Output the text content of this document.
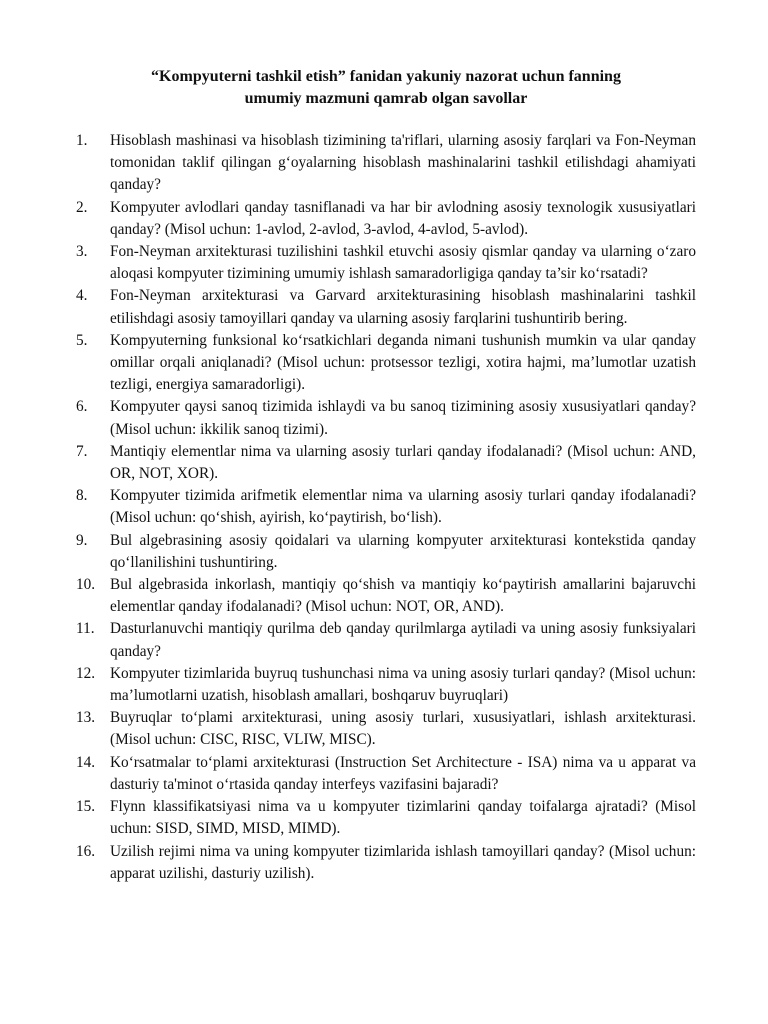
“Kompyuterni tashkil etish” fanidan yakuniy nazorat uchun fanning
umumiy mazmuni qamrab olgan savollar
1.	Hisoblash mashinasi va hisoblash tizimining ta'riflari, ularning asosiy farqlari va Fon-Neyman tomonidan taklif qilingan g‘oyalarning hisoblash mashinalarini tashkil etilishdagi ahamiyati qanday?
2.	Kompyuter avlodlari qanday tasniflanadi va har bir avlodning asosiy texnologik xususiyatlari qanday? (Misol uchun: 1-avlod, 2-avlod, 3-avlod, 4-avlod, 5-avlod).
3.	Fon-Neyman arxitekturasi tuzilishini tashkil etuvchi asosiy qismlar qanday va ularning o‘zaro aloqasi kompyuter tizimining umumiy ishlash samaradorligiga qanday ta’sir ko‘rsatadi?
4.	Fon-Neyman arxitekturasi va Garvard arxitekturasining hisoblash mashinalarini tashkil etilishdagi asosiy tamoyillari qanday va ularning asosiy farqlarini tushuntirib bering.
5.	Kompyuterning funksional ko‘rsatkichlari deganda nimani tushunish mumkin va ular qanday omillar orqali aniqlanadi? (Misol uchun: protsessor tezligi, xotira hajmi, ma’lumotlar uzatish tezligi, energiya samaradorligi).
6.	Kompyuter qaysi sanoq tizimida ishlaydi va bu sanoq tizimining asosiy xususiyatlari qanday? (Misol uchun: ikkilik sanoq tizimi).
7.	Mantiqiy elementlar nima va ularning asosiy turlari qanday ifodalanadi? (Misol uchun: AND, OR, NOT, XOR).
8.	Kompyuter tizimida arifmetik elementlar nima va ularning asosiy turlari qanday ifodalanadi? (Misol uchun: qo‘shish, ayirish, ko‘paytirish, bo‘lish).
9.	Bul algebrasining asosiy qoidalari va ularning kompyuter arxitekturasi kontekstida qanday qo‘llanilishini tushuntiring.
10. Bul algebrasida inkorlash, mantiqiy qo‘shish va mantiqiy ko‘paytirish amallarini bajaruvchi elementlar qanday ifodalanadi? (Misol uchun: NOT, OR, AND).
11.	Dasturlanuvchi mantiqiy qurilma deb qanday qurilmlarga aytiladi va uning asosiy funksiyalari qanday?
12. Kompyuter tizimlarida buyruq tushunchasi nima va uning asosiy turlari qanday? (Misol uchun: ma’lumotlarni uzatish, hisoblash amallari, boshqaruv buyruqlari)
13. Buyruqlar to‘plami arxitekturasi, uning asosiy turlari, xususiyatlari, ishlash arxitekturasi. (Misol uchun: CISC, RISC, VLIW, MISC).
14. Ko‘rsatmalar to‘plami arxitekturasi (Instruction Set Architecture - ISA) nima va u apparat va dasturiy ta'minot o‘rtasida qanday interfeys vazifasini bajaradi?
15. Flynn klassifikatsiyasi nima va u kompyuter tizimlarini qanday toifalarga ajratadi? (Misol uchun: SISD, SIMD, MISD, MIMD).
16. Uzilish rejimi nima va uning kompyuter tizimlarida ishlash tamoyillari qanday? (Misol uchun: apparat uzilishi, dasturiy uzilish).
